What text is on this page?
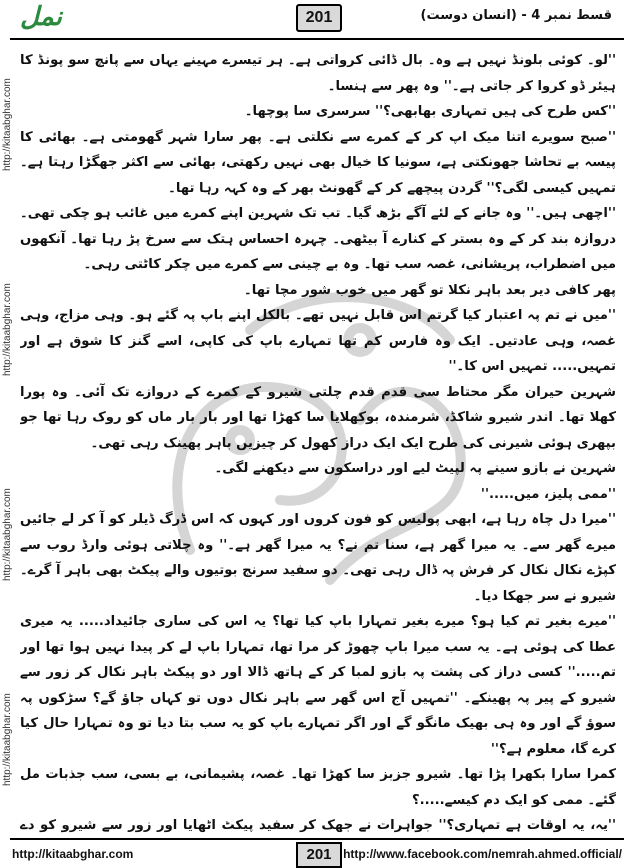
نمل	201	قسط نمبر 4 - (انسان دوست)
http://kitaabghar.com
http://kitaabghar.com
http://kitaabghar.com
http://kitaabghar.com

''لو۔ کوئی بلونڈ نہیں ہے وہ۔ بال ڈائی کرواتی ہے۔ ہر تیسرے مہینے یہاں سے پانچ سو پونڈ کا ہیئر ڈو کروا کر جاتی ہے۔'' وہ پھر سے ہنسا۔

''کس طرح کی ہیں تمہاری بھابھی؟'' سرسری سا پوچھا۔

''صبح سویرے اتنا میک اپ کر کے کمرے سے نکلتی ہے۔ پھر سارا شہر گھومتی ہے۔ بھائی کا پیسہ بے تحاشا جھونکتی ہے، سونیا کا خیال بھی نہیں رکھتی، بھائی سے اکثر جھگڑا رہتا ہے۔ تمہیں کیسی لگی؟'' گردن پیچھے کر کے گھونٹ بھر کے وہ کہہ رہا تھا۔

''اچھی ہیں۔'' وہ جانے کے لئے آگے بڑھ گیا۔ تب تک شہرین اپنے کمرے میں غائب ہو چکی تھی۔ دروازہ بند کر کے وہ بستر کے کنارے آ بیٹھی۔ چہرہ احساس ہتک سے سرخ پڑ رہا تھا۔ آنکھوں میں اضطراب، پریشانی، غصہ سب تھا۔ وہ بے چینی سے کمرے میں چکر کاٹتی رہی۔

پھر کافی دیر بعد باہر نکلا تو گھر میں خوب شور مچا تھا۔

''میں نے تم پہ اعتبار کیا گرتم اس قابل نہیں تھے۔ بالکل اپنے باپ پہ گئے ہو۔ وہی مزاج، وہی غصہ، وہی عادتیں۔ ایک وہ فارس کم تھا تمہارے باپ کی کاپی، اسے گنز کا شوق ہے اور تمہیں..... تمہیں اس کا۔''

شہرین حیران مگر محتاط سی قدم قدم چلتی شیرو کے کمرے کے دروازے تک آئی۔ وہ پورا کھلا تھا۔ اندر شیرو شاکڈ، شرمندہ، بوکھلایا سا کھڑا تھا اور بار بار ماں کو روک رہا تھا جو بپھری ہوئی شیرنی کی طرح ایک ایک دراز کھول کر چیزیں باہر پھینک رہی تھی۔

شہرین نے بازو سینے پہ لپیٹ لیے اور دراسکون سے دیکھنے لگی۔

''ممی پلیز، میں.....''

''میرا دل چاہ رہا ہے، ابھی پولیس کو فون کروں اور کہوں کہ اس ڈرگ ڈیلر کو آ کر لے جائیں میرے گھر سے۔ یہ میرا گھر ہے، سنا تم نے؟ یہ میرا گھر ہے۔'' وہ چلاتی ہوئی وارڈ روب سے کپڑے نکال نکال کر فرش پہ ڈال رہی تھی۔ دو سفید سرنج بوتیوں والے پیکٹ بھی باہر آ گرے۔ شیرو نے سر جھکا دیا۔

''میرے بغیر تم کیا ہو؟ میرے بغیر تمہارا باپ کیا تھا؟ یہ اس کی ساری جائیداد..... یہ میری عطا کی ہوئی ہے۔ یہ سب میرا باپ چھوڑ کر مرا تھا، تمہارا باپ لے کر پیدا نہیں ہوا تھا اور تم.....'' کسی دراز کی پشت پہ بازو لمبا کر کے ہاتھ ڈالا اور دو پیکٹ باہر نکال کر زور سے شیرو کے پیر پہ پھینکے۔ ''تمہیں آج اس گھر سے باہر نکال دوں تو کہاں جاؤ گے؟ سڑکوں پہ سوؤ گے اور وہ ہی بھیک مانگو گے اور اگر تمہارے باپ کو یہ سب بتا دیا تو وہ تمہارا حال کیا کرے گا، معلوم ہے؟''

کمرا سارا بکھرا پڑا تھا۔ شیرو جزبز سا کھڑا تھا۔ غصہ، پشیمانی، بے بسی، سب جذبات مل گئے۔ ممی کو ایک دم کیسے.....؟

''یہ، یہ اوقات ہے تمہاری؟'' جواہرات نے جھک کر سفید پیکٹ اٹھایا اور زور سے شیرو کو دے

http://kitaabghar.com	201 http://www.facebook.com/nemrah.ahmed.official/
